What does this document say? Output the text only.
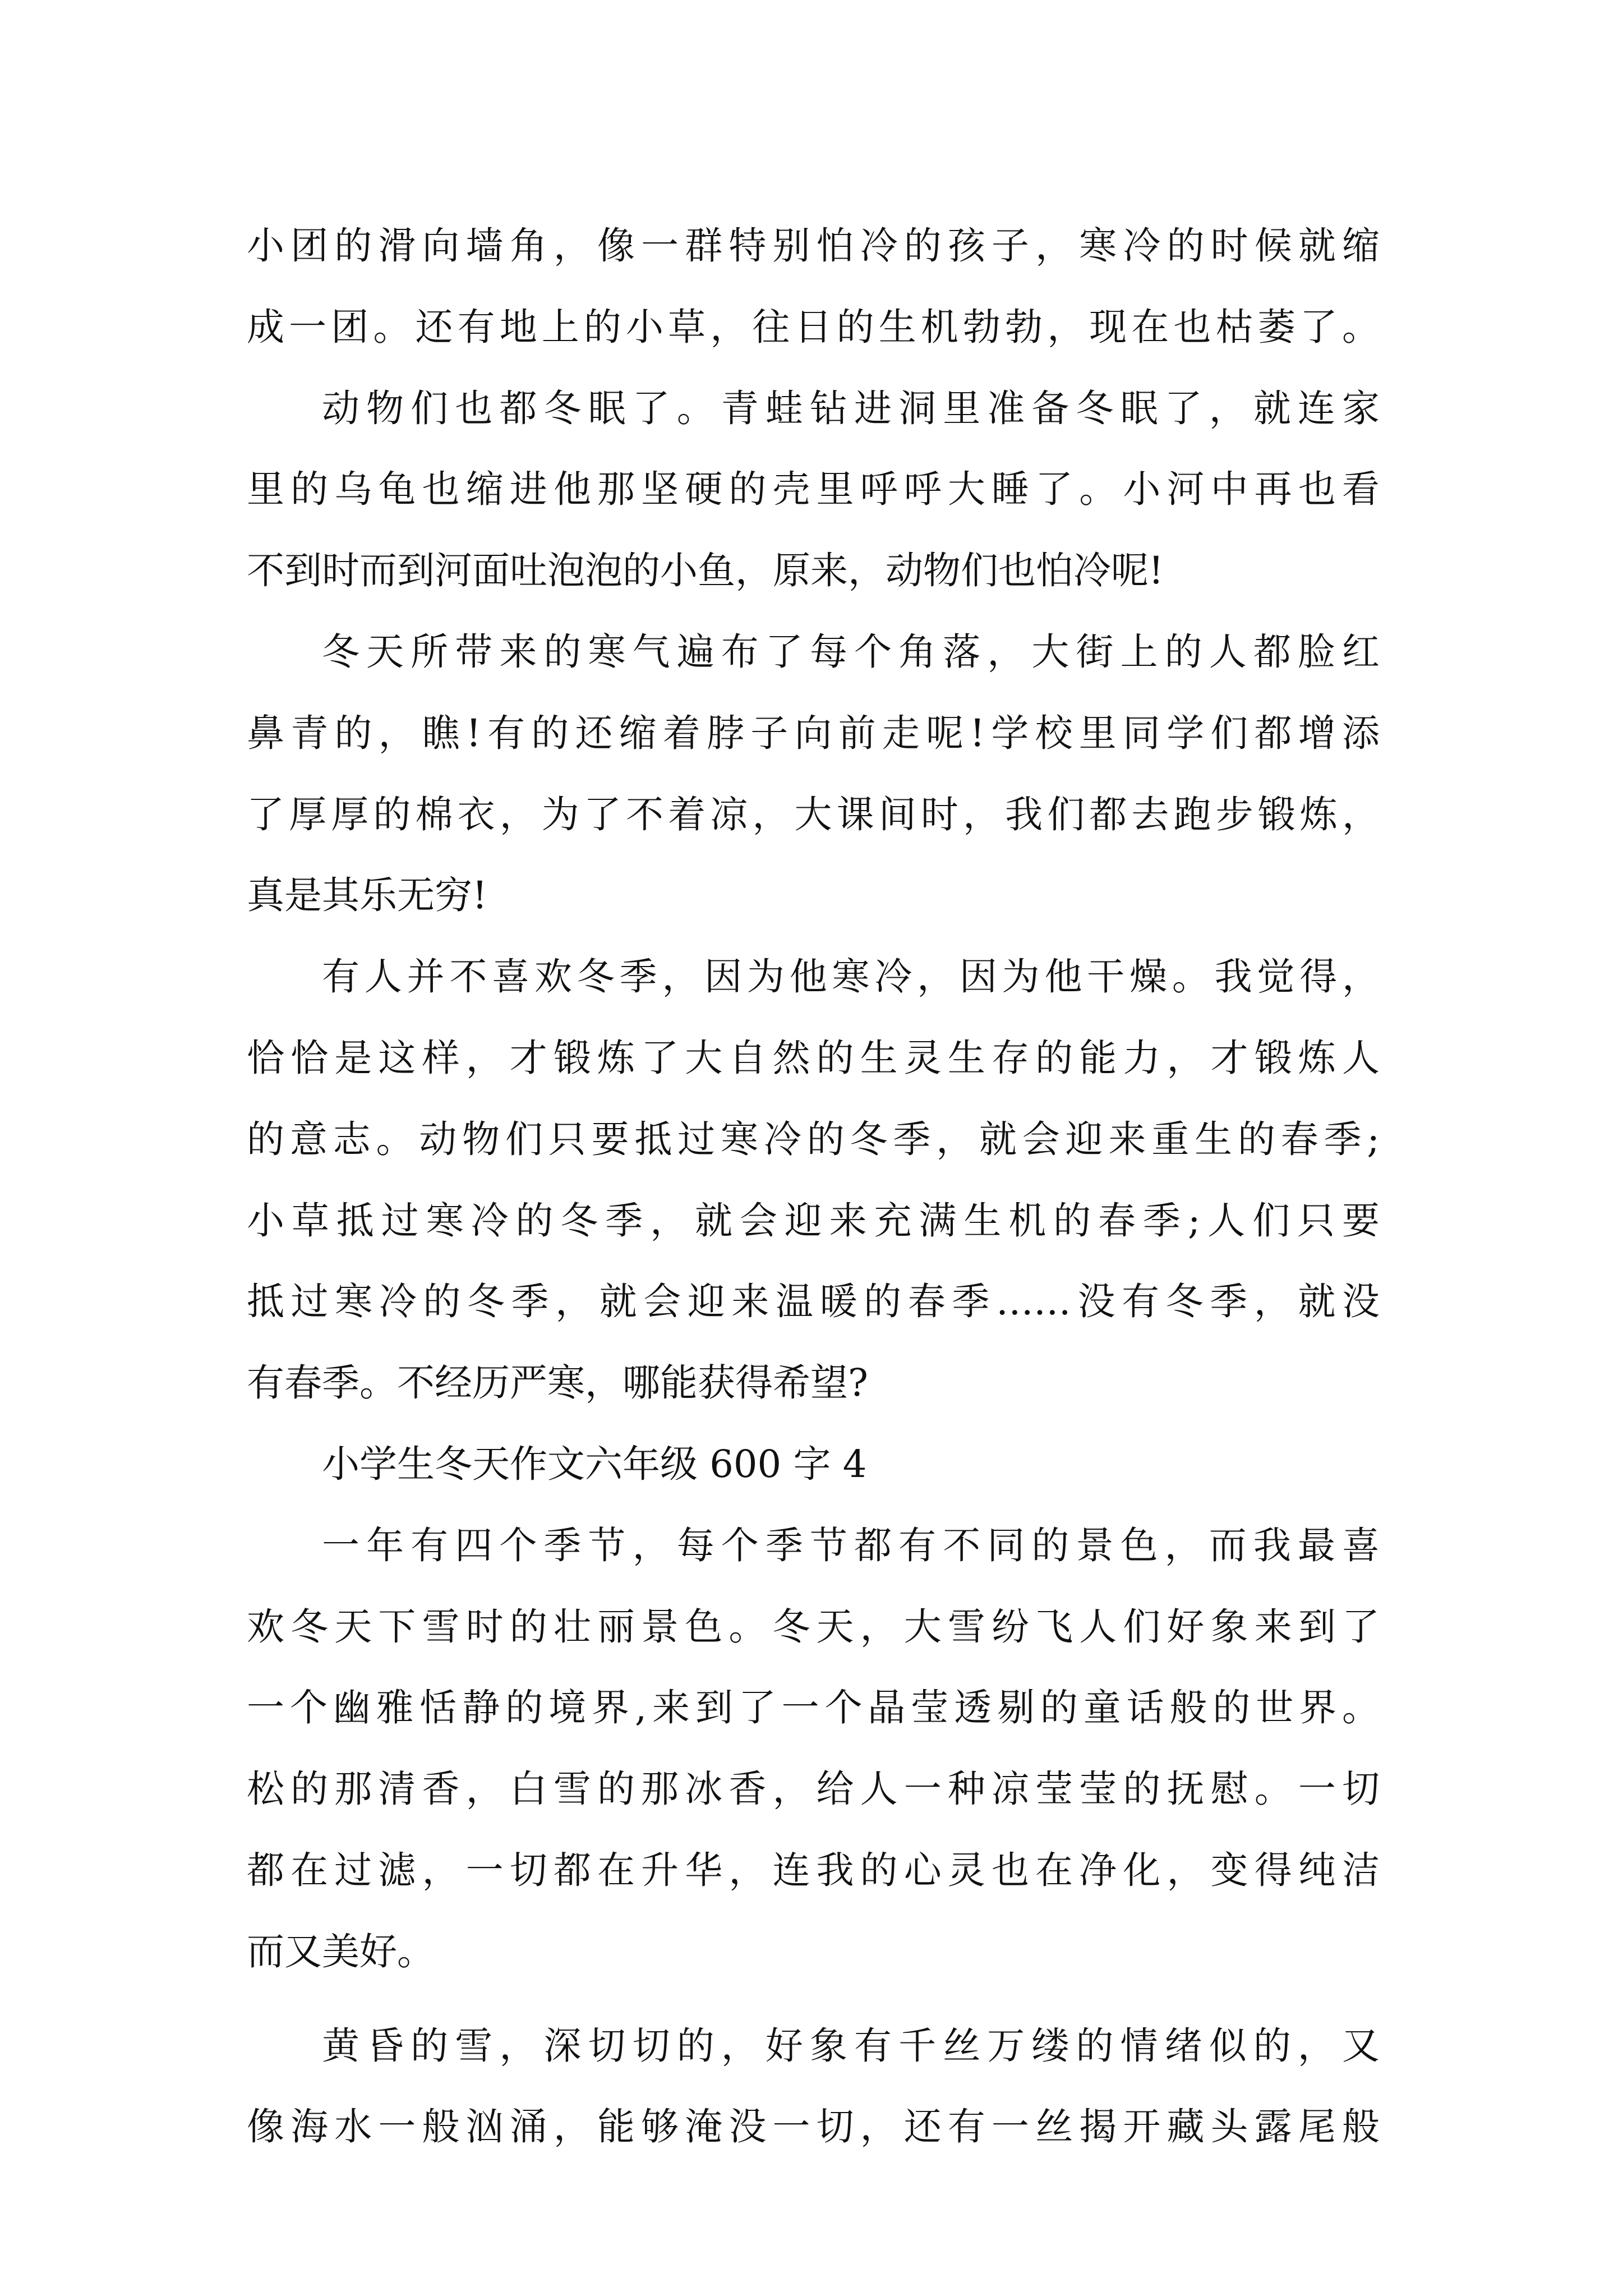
小团的滑向墙角，像一群特别怕冷的孩子，寒冷的时候就缩
成一团。还有地上的小草，往日的生机勃勃，现在也枯萎了。
动物们也都冬眠了。青蛙钻进洞里准备冬眠了，就连家
里的乌龟也缩进他那坚硬的壳里呼呼大睡了。小河中再也看
不到时而到河面吐泡泡的小鱼，原来，动物们也怕冷呢!
冬天所带来的寒气遍布了每个角落，大街上的人都脸红
鼻青的，瞧!有的还缩着脖子向前走呢!学校里同学们都增添
了厚厚的棉衣，为了不着凉，大课间时，我们都去跑步锻炼，
真是其乐无穷!
有人并不喜欢冬季，因为他寒冷，因为他干燥。我觉得，
恰恰是这样，才锻炼了大自然的生灵生存的能力，才锻炼人
的意志。动物们只要抵过寒冷的冬季，就会迎来重生的春季;
小草抵过寒冷的冬季，就会迎来充满生机的春季;人们只要
抵过寒冷的冬季，就会迎来温暖的春季……没有冬季，就没
有春季。不经历严寒，哪能获得希望?
小学生冬天作文六年级 600 字 4
一年有四个季节，每个季节都有不同的景色，而我最喜
欢冬天下雪时的壮丽景色。冬天，大雪纷飞人们好象来到了
一个幽雅恬静的境界,来到了一个晶莹透剔的童话般的世界。
松的那清香，白雪的那冰香，给人一种凉莹莹的抚慰。一切
都在过滤，一切都在升华，连我的心灵也在净化，变得纯洁
而又美好。
黄昏的雪，深切切的，好象有千丝万缕的情绪似的，又
像海水一般汹涌，能够淹没一切，还有一丝揭开藏头露尾般
